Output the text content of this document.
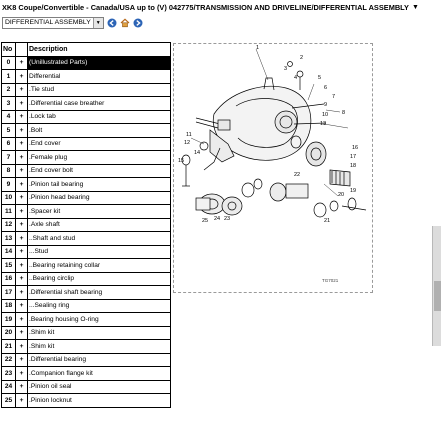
XK8 Coupe/Convertible - Canada/USA up to (V) 042775/TRANSMISSION AND DRIVELINE/DIFFERENTIAL ASSEMBLY ▼
DIFFERENTIAL ASSEMBLY	▼
No		Description
0	+	(Unillustrated Parts)
1	+	Differential
2	+	.Tie stud
3	+	.Differential case breather
4	+	.Lock tab
5	+	.Bolt
6	+	.End cover
7	+	.Female plug
8	+	.End cover bolt
9	+	.Pinion tail bearing
10	+	.Pinion head bearing
11	+	.Spacer kit
12	+	.Axle shaft
13	+	..Shaft and stud
14	+	...Stud
15	+	..Bearing retaining collar
16	+	..Bearing circlip
17	+	.Differential shaft bearing
18	+	...Sealing ring
19	+	.Bearing housing O-ring
20	+	.Shim kit
21	+	.Shim kit
22	+	.Differential bearing
23	+	.Companion flange kit
24	+	.Pinion oil seal
25	+	.Pinion locknut
1
2
3
4	5
6
7
8
9
10
11
12
13
14
15
16
17
18
19
20
21
22
23
24
25
TG7021
